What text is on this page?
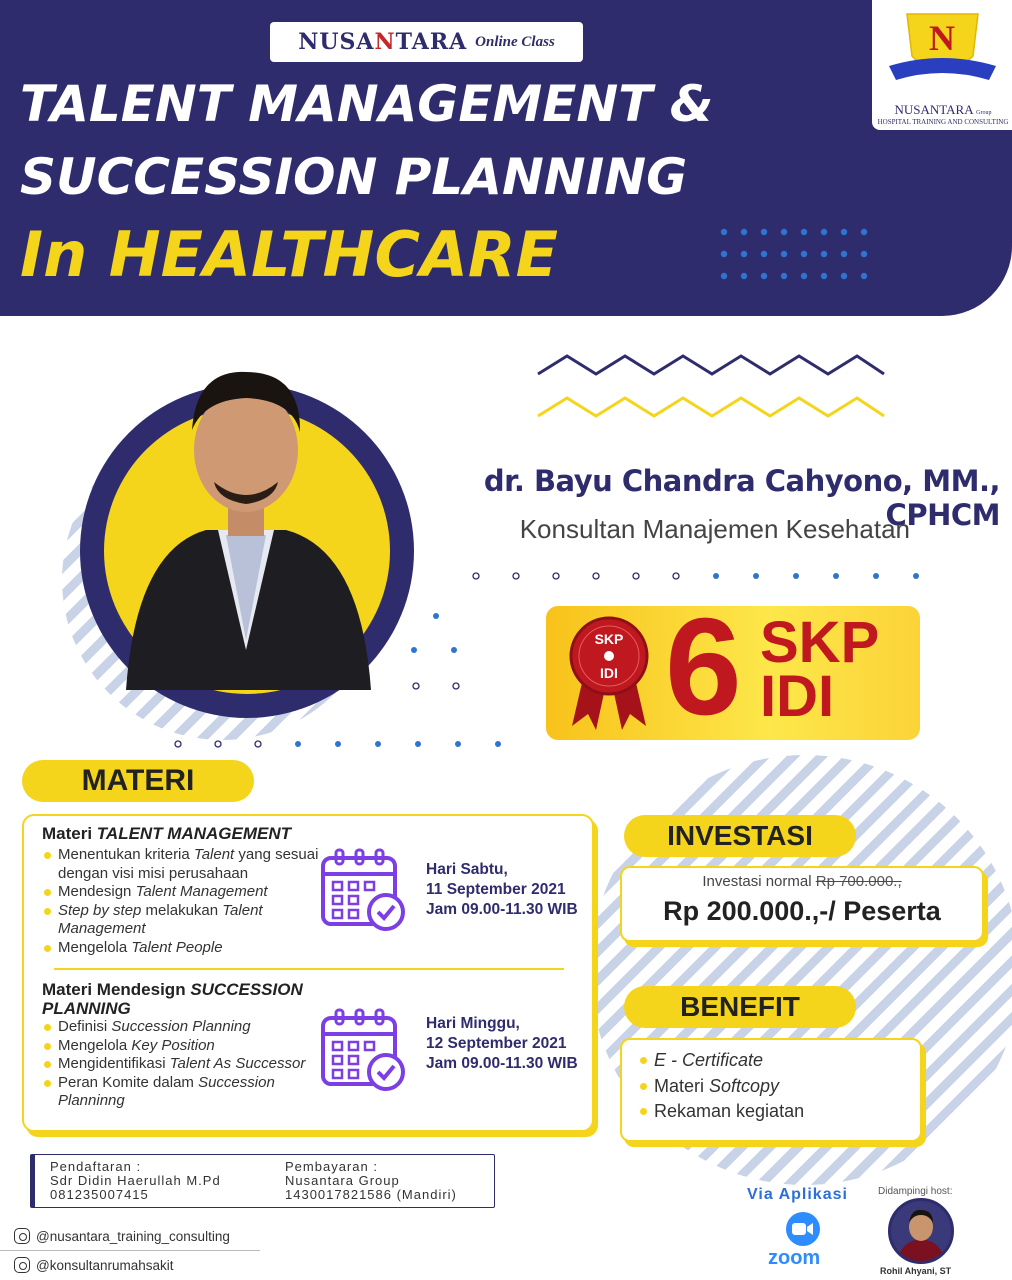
NUSANTARA Online Class
TALENT MANAGEMENT &
SUCCESSION PLANNING
In HEALTHCARE
N
NUSANTARA Group
HOSPITAL TRAINING AND CONSULTING
dr. Bayu Chandra Cahyono, MM., CPHCM
Konsultan Manajemen Kesehatan
SKP
IDI 6 SKP
IDI
MATERI
Materi TALENT MANAGEMENT
Menentukan kriteria Talent yang sesuai dengan visi misi perusahaan
Mendesign Talent Management
Step by step melakukan Talent Management
Mengelola Talent People
Materi Mendesign SUCCESSION PLANNING
Definisi Succession Planning
Mengelola Key Position
Mengidentifikasi Talent As Successor
Peran Komite dalam Succession Planninng
Hari Sabtu,
11 September 2021
Jam 09.00-11.30 WIB
Hari Minggu,
12 September 2021
Jam 09.00-11.30 WIB
INVESTASI
Investasi normal Rp 700.000.,
Rp 200.000.,-/ Peserta
BENEFIT
E - Certificate
Materi Softcopy
Rekaman kegiatan
Pendaftaran :
Sdr Didin Haerullah M.Pd
081235007415
Pembayaran :
Nusantara Group
1430017821586 (Mandiri)
@nusantara_training_consulting
@konsultanrumahsakit
Via Aplikasi
zoom
Didampingi host:
Rohil Ahyani, ST
